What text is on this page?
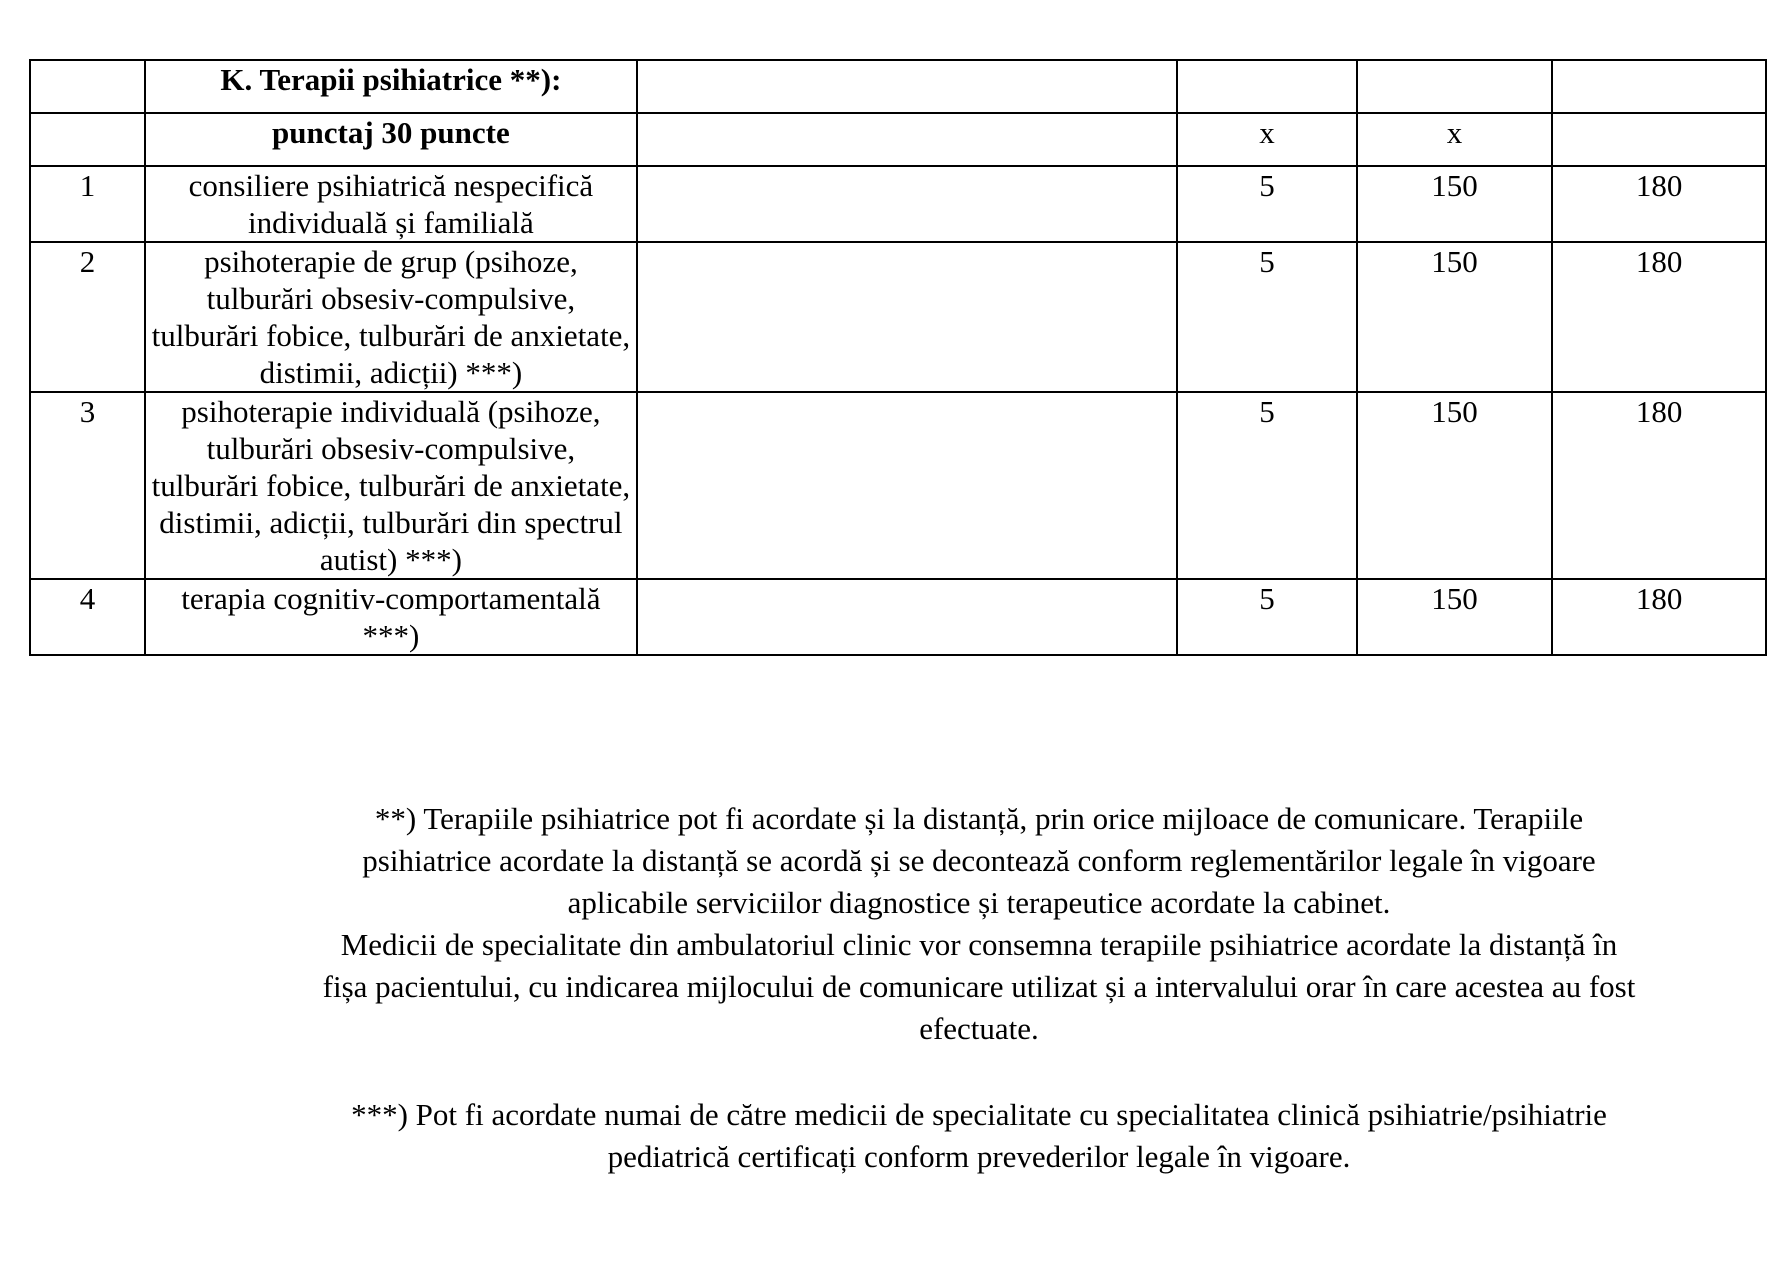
	K. Terapii psihiatrice **):				
	punctaj 30 puncte		x	x	
1	consiliere psihiatrică nespecifică individuală și familială		5	150	180
2	psihoterapie de grup (psihoze, tulburări obsesiv-compulsive, tulburări fobice, tulburări de anxietate, distimii, adicții) ***)		5	150	180
3	psihoterapie individuală (psihoze, tulburări obsesiv-compulsive, tulburări fobice, tulburări de anxietate, distimii, adicții, tulburări din spectrul autist) ***)		5	150	180
4	terapia cognitiv-comportamentală ***)		5	150	180

**) Terapiile psihiatrice pot fi acordate și la distanță, prin orice mijloace de comunicare. Terapiile psihiatrice acordate la distanță se acordă și se decontează conform reglementărilor legale în vigoare aplicabile serviciilor diagnostice și terapeutice acordate la cabinet.

Medicii de specialitate din ambulatoriul clinic vor consemna terapiile psihiatrice acordate la distanță în fișa pacientului, cu indicarea mijlocului de comunicare utilizat și a intervalului orar în care acestea au fost efectuate.

***) Pot fi acordate numai de către medicii de specialitate cu specialitatea clinică psihiatrie/psihiatrie pediatrică certificați conform prevederilor legale în vigoare.
